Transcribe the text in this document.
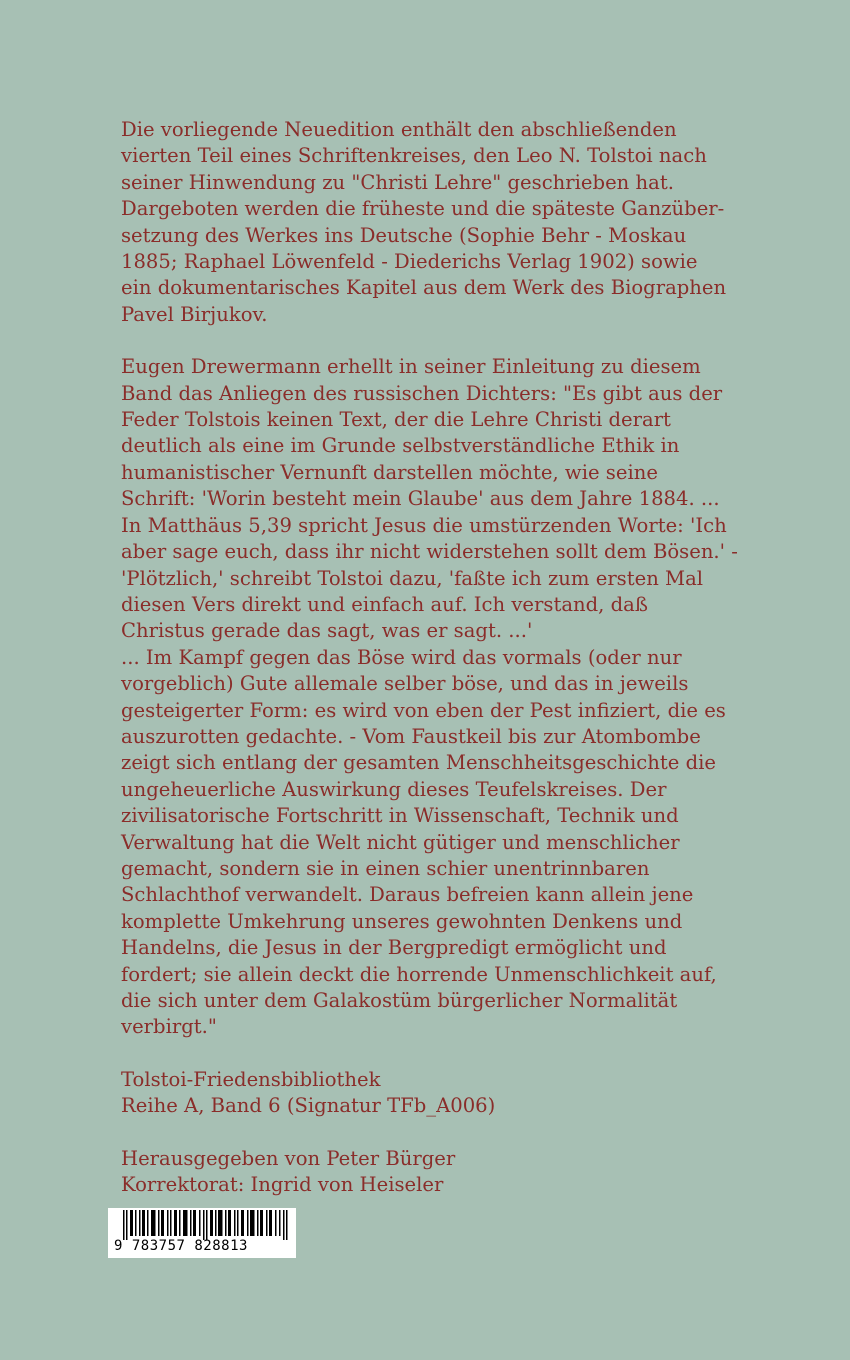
Die vorliegende Neuedition enthält den abschließenden
vierten Teil eines Schriftenkreises, den Leo N. Tolstoi nach
seiner Hinwendung zu "Christi Lehre" geschrieben hat.
Dargeboten werden die früheste und die späteste Ganzüber-
setzung des Werkes ins Deutsche (Sophie Behr - Moskau
1885; Raphael Löwenfeld - Diederichs Verlag 1902) sowie
ein dokumentarisches Kapitel aus dem Werk des Biographen
Pavel Birjukov.
Eugen Drewermann erhellt in seiner Einleitung zu diesem
Band das Anliegen des russischen Dichters: "Es gibt aus der
Feder Tolstois keinen Text, der die Lehre Christi derart
deutlich als eine im Grunde selbstverständliche Ethik in
humanistischer Vernunft darstellen möchte, wie seine
Schrift: 'Worin besteht mein Glaube' aus dem Jahre 1884. ...
In Matthäus 5,39 spricht Jesus die umstürzenden Worte: 'Ich
aber sage euch, dass ihr nicht widerstehen sollt dem Bösen.' -
'Plötzlich,' schreibt Tolstoi dazu, 'faßte ich zum ersten Mal
diesen Vers direkt und einfach auf. Ich verstand, daß
Christus gerade das sagt, was er sagt. ...'
... Im Kampf gegen das Böse wird das vormals (oder nur
vorgeblich) Gute allemale selber böse, und das in jeweils
gesteigerter Form: es wird von eben der Pest infiziert, die es
auszurotten gedachte. - Vom Faustkeil bis zur Atombombe
zeigt sich entlang der gesamten Menschheitsgeschichte die
ungeheuerliche Auswirkung dieses Teufelskreises. Der
zivilisatorische Fortschritt in Wissenschaft, Technik und
Verwaltung hat die Welt nicht gütiger und menschlicher
gemacht, sondern sie in einen schier unentrinnbaren
Schlachthof verwandelt. Daraus befreien kann allein jene
komplette Umkehrung unseres gewohnten Denkens und
Handelns, die Jesus in der Bergpredigt ermöglicht und
fordert; sie allein deckt die horrende Unmenschlichkeit auf,
die sich unter dem Galakostüm bürgerlicher Normalität
verbirgt."
Tolstoi-Friedensbibliothek
Reihe A, Band 6 (Signatur TFb_A006)
Herausgegeben von Peter Bürger
Korrektorat: Ingrid von Heiseler
9 783757 828813
